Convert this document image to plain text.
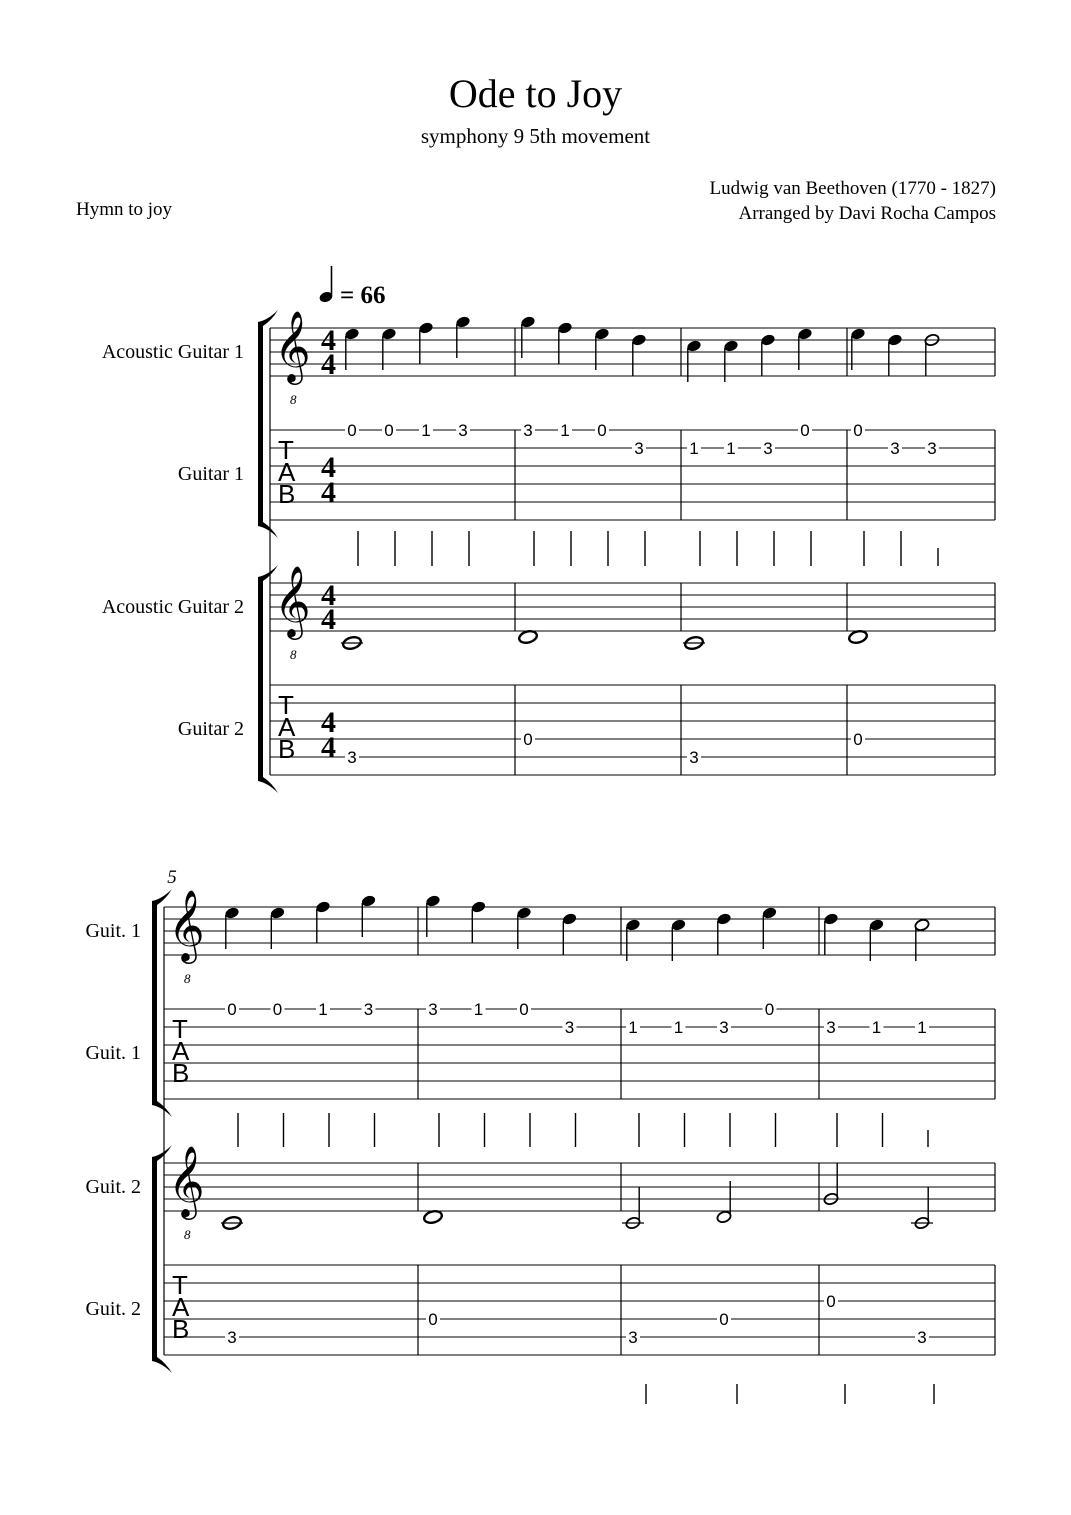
Ode to Joy
symphony 9 5th movement
Ludwig van Beethoven (1770 - 1827)
Arranged by Davi Rocha Campos
Hymn to joy
= 66
𝄞
8
𝄞
8
T
A
B
T
A
B
4
4
4
4
4
4
4
4
Acoustic Guitar 1
Guitar 1
Acoustic Guitar 2
Guitar 2
0 0 1 3
3
3 1 0
3
0
1 1 3
0
3
0
3 3
0
5
𝄞
8
𝄞
8
T
A
B
T
A
B
Guit. 1
Guit. 1
Guit. 2
Guit. 2
0 0 1 3
3
3 1 0
3
0
1 1 3
0
3
0
3 1 1
0
3
